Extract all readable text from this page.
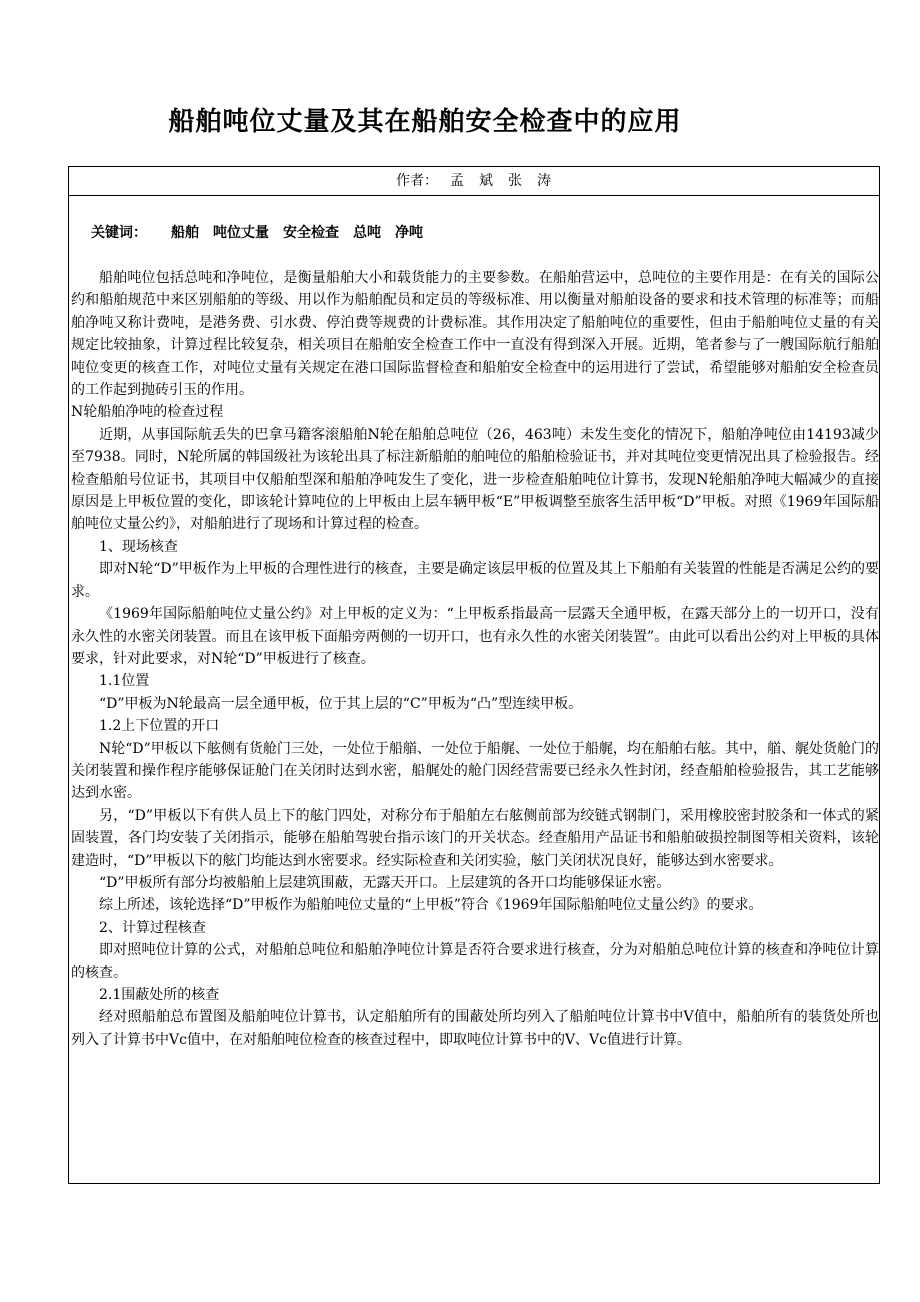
船舶吨位丈量及其在船舶安全检查中的应用
作者： 孟 斌 张 涛
关键词： 船舶 吨位丈量 安全检查 总吨 净吨

船舶吨位包括总吨和净吨位，是衡量船舶大小和载货能力的主要参数。在船舶营运中，总吨位的主要作用是：在有关的国际公约和船舶规范中来区别船舶的等级、用以作为船舶配员和定员的等级标准、用以衡量对船舶设备的要求和技术管理的标准等；而船舶净吨又称计费吨，是港务费、引水费、停泊费等规费的计费标准。其作用决定了船舶吨位的重要性，但由于船舶吨位丈量的有关规定比较抽象，计算过程比较复杂，相关项目在船舶安全检查工作中一直没有得到深入开展。近期，笔者参与了一艘国际航行船舶吨位变更的核查工作，对吨位丈量有关规定在港口国际监督检查和船舶安全检查中的运用进行了尝试，希望能够对船舶安全检查员的工作起到抛砖引玉的作用。

N轮船舶净吨的检查过程

近期，从事国际航丢失的巴拿马籍客滚船舶N轮在船舶总吨位（26，463吨）未发生变化的情况下，船舶净吨位由14193减少至7938。同时，N轮所属的韩国级社为该轮出具了标注新船舶的舶吨位的船舶检验证书，并对其吨位变更情况出具了检验报告。经检查船舶号位证书，其项目中仅船舶型深和船舶净吨发生了变化，进一步检查船舶吨位计算书，发现N轮船舶净吨大幅减少的直接原因是上甲板位置的变化，即该轮计算吨位的上甲板由上层车辆甲板“E”甲板调整至旅客生活甲板“D”甲板。对照《1969年国际船舶吨位丈量公约》，对船舶进行了现场和计算过程的检查。

1、现场核查

即对N轮“D”甲板作为上甲板的合理性进行的核查，主要是确定该层甲板的位置及其上下船舶有关装置的性能是否满足公约的要求。

《1969年国际船舶吨位丈量公约》对上甲板的定义为：“上甲板系指最高一层露天全通甲板，在露天部分上的一切开口，没有永久性的水密关闭装置。而且在该甲板下面船旁两侧的一切开口，也有永久性的水密关闭装置”。由此可以看出公约对上甲板的具体要求，针对此要求，对N轮“D”甲板进行了核查。

1.1位置

“D”甲板为N轮最高一层全通甲板，位于其上层的“C”甲板为“凸”型连续甲板。

1.2上下位置的开口

N轮“D”甲板以下舷侧有货舱门三处，一处位于船艏、一处位于船艉、一处位于船艉，均在船舶右舷。其中，艏、艉处货舱门的关闭装置和操作程序能够保证舱门在关闭时达到水密，船艉处的舱门因经营需要已经永久性封闭，经查船舶检验报告，其工艺能够达到水密。

另，“D”甲板以下有供人员上下的舷门四处，对称分布于船舶左右舷侧前部为绞链式钢制门，采用橡胶密封胶条和一体式的紧固装置，各门均安装了关闭指示，能够在船舶驾驶台指示该门的开关状态。经查船用产品证书和船舶破损控制图等相关资料，该轮建造时，“D”甲板以下的舷门均能达到水密要求。经实际检查和关闭实验，舷门关闭状况良好，能够达到水密要求。

“D”甲板所有部分均被船舶上层建筑围蔽，无露天开口。上层建筑的各开口均能够保证水密。

综上所述，该轮选择“D”甲板作为船舶吨位丈量的“上甲板”符合《1969年国际船舶吨位丈量公约》的要求。

2、计算过程核查

即对照吨位计算的公式，对船舶总吨位和船舶净吨位计算是否符合要求进行核查，分为对船舶总吨位计算的核查和净吨位计算的核查。

2.1围蔽处所的核查

经对照船舶总布置图及船舶吨位计算书，认定船舶所有的围蔽处所均列入了船舶吨位计算书中V值中，船舶所有的装货处所也列入了计算书中Vc值中，在对船舶吨位检查的核查过程中，即取吨位计算书中的V、Vc值进行计算。
